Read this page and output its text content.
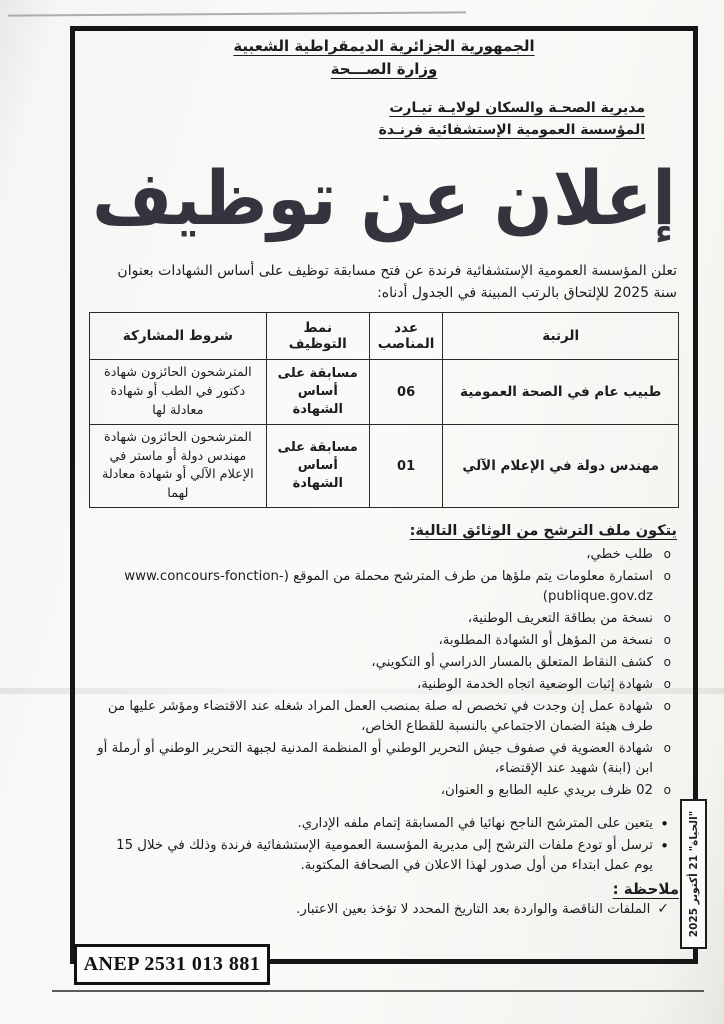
الجمهورية الجزائرية الديمقراطية الشعبية
وزارة الصـــحة
مديرية الصحـة والسكان لولايـة تيـارت
المؤسسة العمومية الإستشفائية فرنـدة
إعلان عن توظيف
تعلن المؤسسة العمومية الإستشفائية فرندة عن فتح مسابقة توظيف على أساس الشهادات بعنوان
سنة 2025 للإلتحاق بالرتب المبينة في الجدول أدناه:
الرتبة	عدد المناصب	نمط التوظيف	شروط المشاركة
طبيب عام في الصحة العمومية	06	مسابقة على أساس الشهادة	المترشحون الحائزون شهادة دكتور في الطب أو شهادة معادلة لها
مهندس دولة في الإعلام الآلي	01	مسابقة على أساس الشهادة	المترشحون الحائزون شهادة مهندس دولة أو ماستر في الإعلام الآلي أو شهادة معادلة لهما
يتكون ملف الترشح من الوثائق التالية:
o طلب خطي،
o استمارة معلومات يتم ملؤها من طرف المترشح محملة من الموقع (www.concours-fonction-publique.gov.dz)
o نسخة من بطاقة التعريف الوطنية،
o نسخة من المؤهل أو الشهادة المطلوبة،
o كشف النقاط المتعلق بالمسار الدراسي أو التكويني،
o شهادة إثبات الوضعية اتجاه الخدمة الوطنية،
o شهادة عمل إن وجدت في تخصص له صلة بمنصب العمل المراد شغله عند الاقتضاء ومؤشر عليها من طرف هيئة الضمان الاجتماعي بالنسبة للقطاع الخاص،
o شهادة العضوية في صفوف جيش التحرير الوطني أو المنظمة المدنية لجبهة التحرير الوطني أو أرملة أو ابن (ابنة) شهيد عند الإقتضاء،
o 02 ظرف بريدي عليه الطابع و العنوان،
• يتعين على المترشح الناجح نهائيا في المسابقة إتمام ملفه الإداري.
• ترسل أو تودع ملفات الترشح إلى مديرية المؤسسة العمومية الإستشفائية فرندة وذلك في خلال 15 يوم عمل ابتداء من أول صدور لهذا الاعلان في الصحافة المكتوبة.
ملاحظة :
✓الملفات الناقصة والواردة بعد التاريخ المحدد لا تؤخذ بعين الاعتبار.
ANEP 2531 013 881
"الحياة" 21 أكتوبر 2025
